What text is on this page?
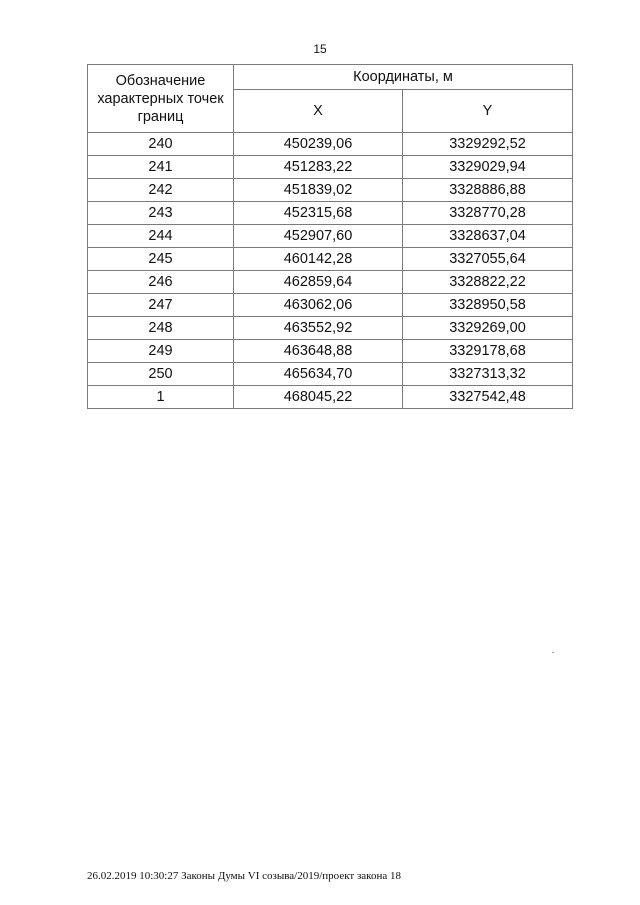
15
Обозначение характерных точек границ	Координаты, м	
	X	Y
240	450239,06	3329292,52
241	451283,22	3329029,94
242	451839,02	3328886,88
243	452315,68	3328770,28
244	452907,60	3328637,04
245	460142,28	3327055,64
246	462859,64	3328822,22
247	463062,06	3328950,58
248	463552,92	3329269,00
249	463648,88	3329178,68
250	465634,70	3327313,32
1	468045,22	3327542,48
26.02.2019 10:30:27 Законы Думы VI созыва/2019/проект закона 18
